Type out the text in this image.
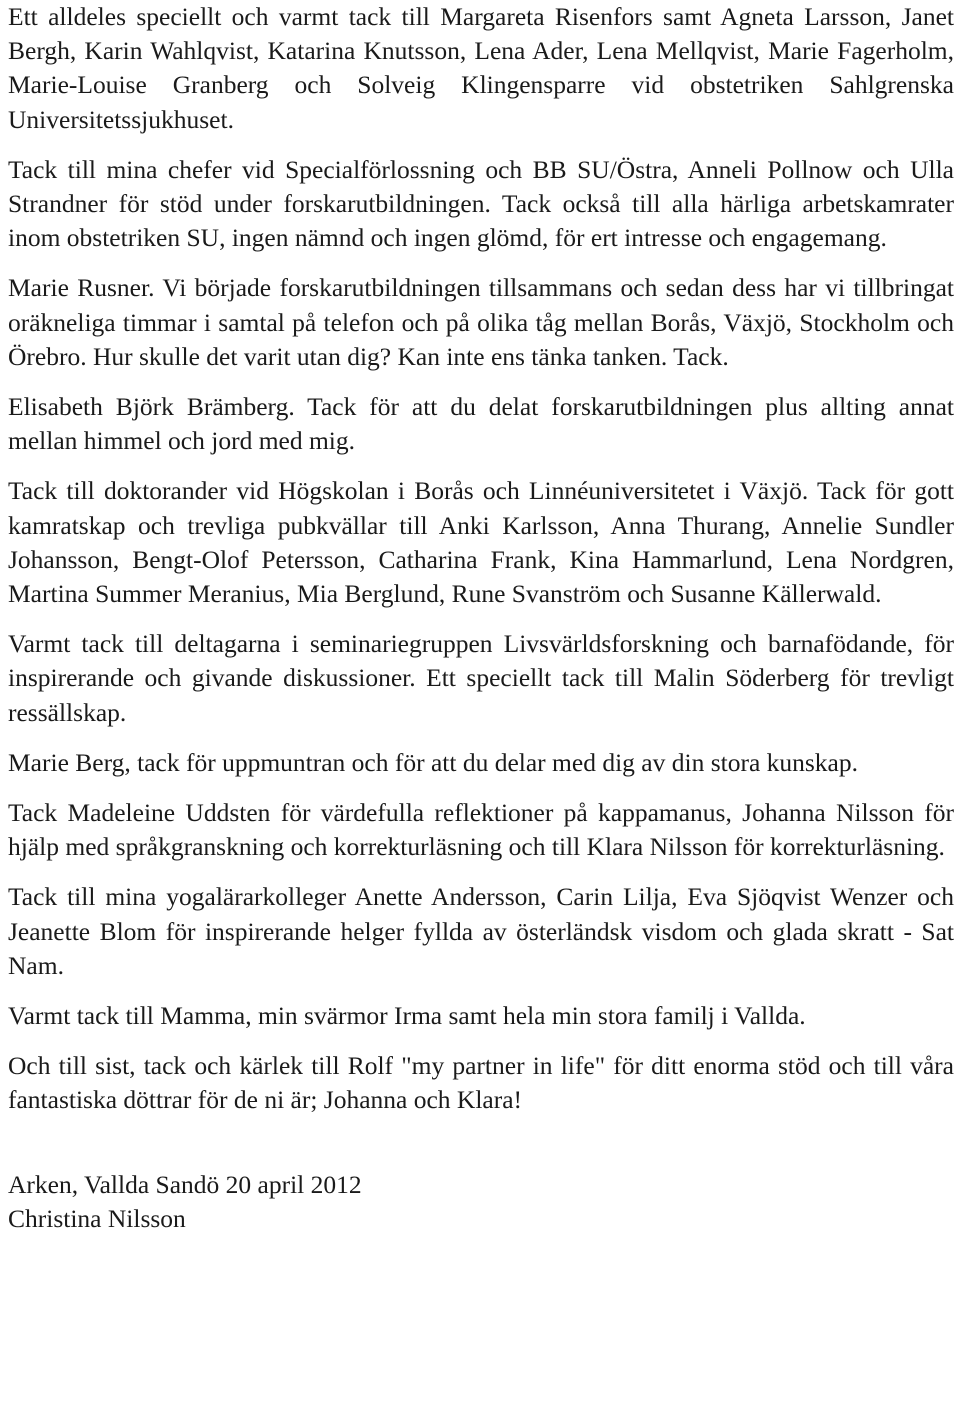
Ett alldeles speciellt och varmt tack till Margareta Risenfors samt Agneta Larsson, Janet Bergh, Karin Wahlqvist, Katarina Knutsson, Lena Ader, Lena Mellqvist, Marie Fagerholm, Marie-Louise Granberg och Solveig Klingensparre vid obstetriken Sahlgrenska Universitetssjukhuset.

Tack till mina chefer vid Specialförlossning och BB SU/Östra, Anneli Pollnow och Ulla Strandner för stöd under forskarutbildningen. Tack också till alla härliga arbetskamrater inom obstetriken SU, ingen nämnd och ingen glömd, för ert intresse och engagemang.

Marie Rusner. Vi började forskarutbildningen tillsammans och sedan dess har vi tillbringat oräkneliga timmar i samtal på telefon och på olika tåg mellan Borås, Växjö, Stockholm och Örebro. Hur skulle det varit utan dig? Kan inte ens tänka tanken. Tack.

Elisabeth Björk Brämberg. Tack för att du delat forskarutbildningen plus allting annat mellan himmel och jord med mig.

Tack till doktorander vid Högskolan i Borås och Linnéuniversitetet i Växjö. Tack för gott kamratskap och trevliga pubkvällar till Anki Karlsson, Anna Thurang, Annelie Sundler Johansson, Bengt-Olof Petersson, Catharina Frank, Kina Hammarlund, Lena Nordgren, Martina Summer Meranius, Mia Berglund, Rune Svanström och Susanne Källerwald.

Varmt tack till deltagarna i seminariegruppen Livsvärldsforskning och barnafödande, för inspirerande och givande diskussioner. Ett speciellt tack till Malin Söderberg för trevligt ressällskap.

Marie Berg, tack för uppmuntran och för att du delar med dig av din stora kunskap.

Tack Madeleine Uddsten för värdefulla reflektioner på kappamanus, Johanna Nilsson för hjälp med språkgranskning och korrekturläsning och till Klara Nilsson för korrekturläsning.

Tack till mina yogalärarkolleger Anette Andersson, Carin Lilja, Eva Sjöqvist Wenzer och Jeanette Blom för inspirerande helger fyllda av österländsk visdom och glada skratt - Sat Nam.

Varmt tack till Mamma, min svärmor Irma samt hela min stora familj i Vallda.

Och till sist, tack och kärlek till Rolf "my partner in life" för ditt enorma stöd och till våra fantastiska döttrar för de ni är; Johanna och Klara!

Arken, Vallda Sandö 20 april 2012
Christina Nilsson
